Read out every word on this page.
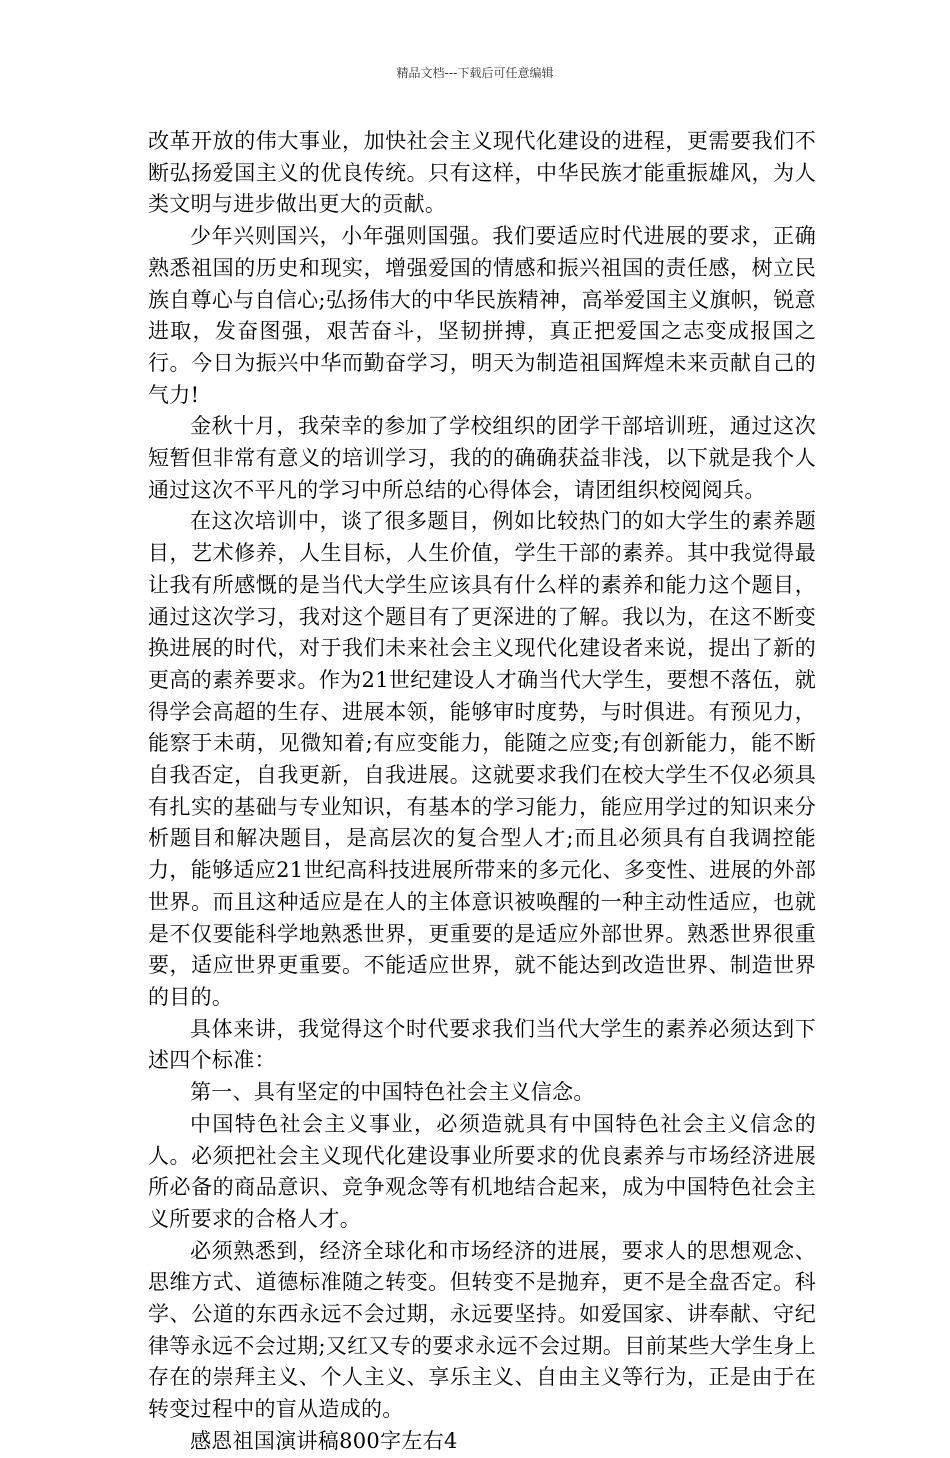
精品文档---下载后可任意编辑

改革开放的伟大事业，加快社会主义现代化建设的进程，更需要我们不断弘扬爱国主义的优良传统。只有这样，中华民族才能重振雄风，为人类文明与进步做出更大的贡献。

少年兴则国兴，小年强则国强。我们要适应时代进展的要求，正确熟悉祖国的历史和现实，增强爱国的情感和振兴祖国的责任感，树立民族自尊心与自信心;弘扬伟大的中华民族精神，高举爱国主义旗帜，锐意进取，发奋图强，艰苦奋斗，坚韧拼搏，真正把爱国之志变成报国之行。今日为振兴中华而勤奋学习，明天为制造祖国辉煌未来贡献自己的气力!

金秋十月，我荣幸的参加了学校组织的团学干部培训班，通过这次短暂但非常有意义的培训学习，我的的确确获益非浅，以下就是我个人通过这次不平凡的学习中所总结的心得体会，请团组织校阅阅兵。

在这次培训中，谈了很多题目，例如比较热门的如大学生的素养题目，艺术修养，人生目标，人生价值，学生干部的素养。其中我觉得最让我有所感慨的是当代大学生应该具有什么样的素养和能力这个题目，通过这次学习，我对这个题目有了更深进的了解。我以为，在这不断变换进展的时代，对于我们未来社会主义现代化建设者来说，提出了新的更高的素养要求。作为21世纪建设人才确当代大学生，要想不落伍，就得学会高超的生存、进展本领，能够审时度势，与时俱进。有预见力，能察于未萌，见微知着;有应变能力，能随之应变;有创新能力，能不断自我否定，自我更新，自我进展。这就要求我们在校大学生不仅必须具有扎实的基础与专业知识，有基本的学习能力，能应用学过的知识来分析题目和解决题目，是高层次的复合型人才;而且必须具有自我调控能力，能够适应21世纪高科技进展所带来的多元化、多变性、进展的外部世界。而且这种适应是在人的主体意识被唤醒的一种主动性适应，也就是不仅要能科学地熟悉世界，更重要的是适应外部世界。熟悉世界很重要，适应世界更重要。不能适应世界，就不能达到改造世界、制造世界的目的。

具体来讲，我觉得这个时代要求我们当代大学生的素养必须达到下述四个标准：

第一、具有坚定的中国特色社会主义信念。

中国特色社会主义事业，必须造就具有中国特色社会主义信念的人。必须把社会主义现代化建设事业所要求的优良素养与市场经济进展所必备的商品意识、竞争观念等有机地结合起来，成为中国特色社会主义所要求的合格人才。

必须熟悉到，经济全球化和市场经济的进展，要求人的思想观念、思维方式、道德标准随之转变。但转变不是抛弃，更不是全盘否定。科学、公道的东西永远不会过期，永远要坚持。如爱国家、讲奉献、守纪律等永远不会过期;又红又专的要求永远不会过期。目前某些大学生身上存在的崇拜主义、个人主义、享乐主义、自由主义等行为，正是由于在转变过程中的盲从造成的。

感恩祖国演讲稿800字左右4
